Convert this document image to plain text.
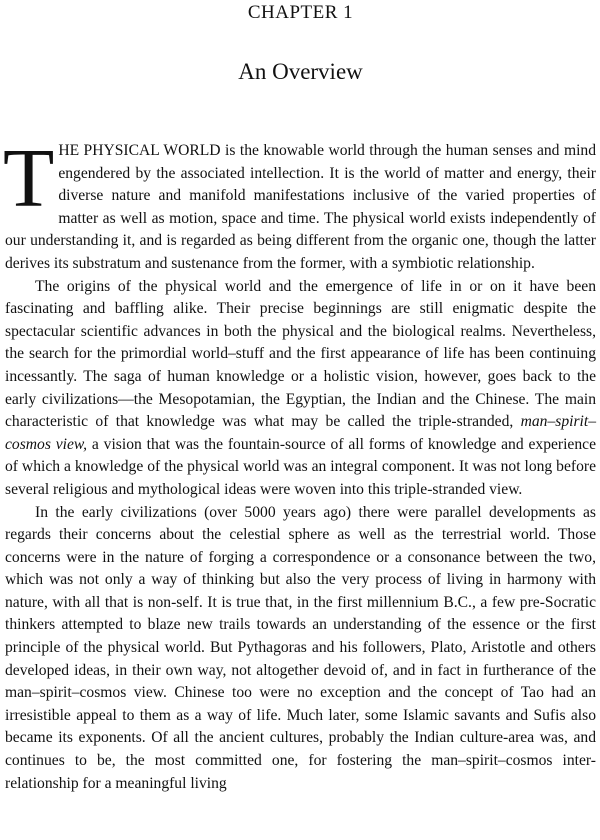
CHAPTER 1
An Overview

THE PHYSICAL WORLD is the knowable world through the human senses and mind engendered by the associated intellection. It is the world of matter and energy, their diverse nature and manifold manifestations inclusive of the varied properties of matter as well as motion, space and time. The physical world exists independently of our understanding it, and is regarded as being different from the organic one, though the latter derives its substratum and sustenance from the former, with a symbiotic relationship.

The origins of the physical world and the emergence of life in or on it have been fascinating and baffling alike. Their precise beginnings are still enigmatic despite the spectacular scientific advances in both the physical and the biological realms. Nevertheless, the search for the primordial world–stuff and the first appearance of life has been continuing incessantly. The saga of human knowledge or a holistic vision, however, goes back to the early civilizations—the Mesopotamian, the Egyptian, the Indian and the Chinese. The main characteristic of that knowledge was what may be called the triple-stranded, man–spirit–cosmos view, a vision that was the fountain-source of all forms of knowledge and experience of which a knowledge of the physical world was an integral component. It was not long before several religious and mythological ideas were woven into this triple-stranded view.

In the early civilizations (over 5000 years ago) there were parallel developments as regards their concerns about the celestial sphere as well as the terrestrial world. Those concerns were in the nature of forging a correspondence or a consonance between the two, which was not only a way of thinking but also the very process of living in harmony with nature, with all that is non-self. It is true that, in the first millennium B.C., a few pre-Socratic thinkers attempted to blaze new trails towards an understanding of the essence or the first principle of the physical world. But Pythagoras and his followers, Plato, Aristotle and others developed ideas, in their own way, not altogether devoid of, and in fact in furtherance of the man–spirit–cosmos view. Chinese too were no exception and the concept of Tao had an irresistible appeal to them as a way of life. Much later, some Islamic savants and Sufis also became its exponents. Of all the ancient cultures, probably the Indian culture-area was, and continues to be, the most committed one, for fostering the man–spirit–cosmos inter-relationship for a meaningful living
